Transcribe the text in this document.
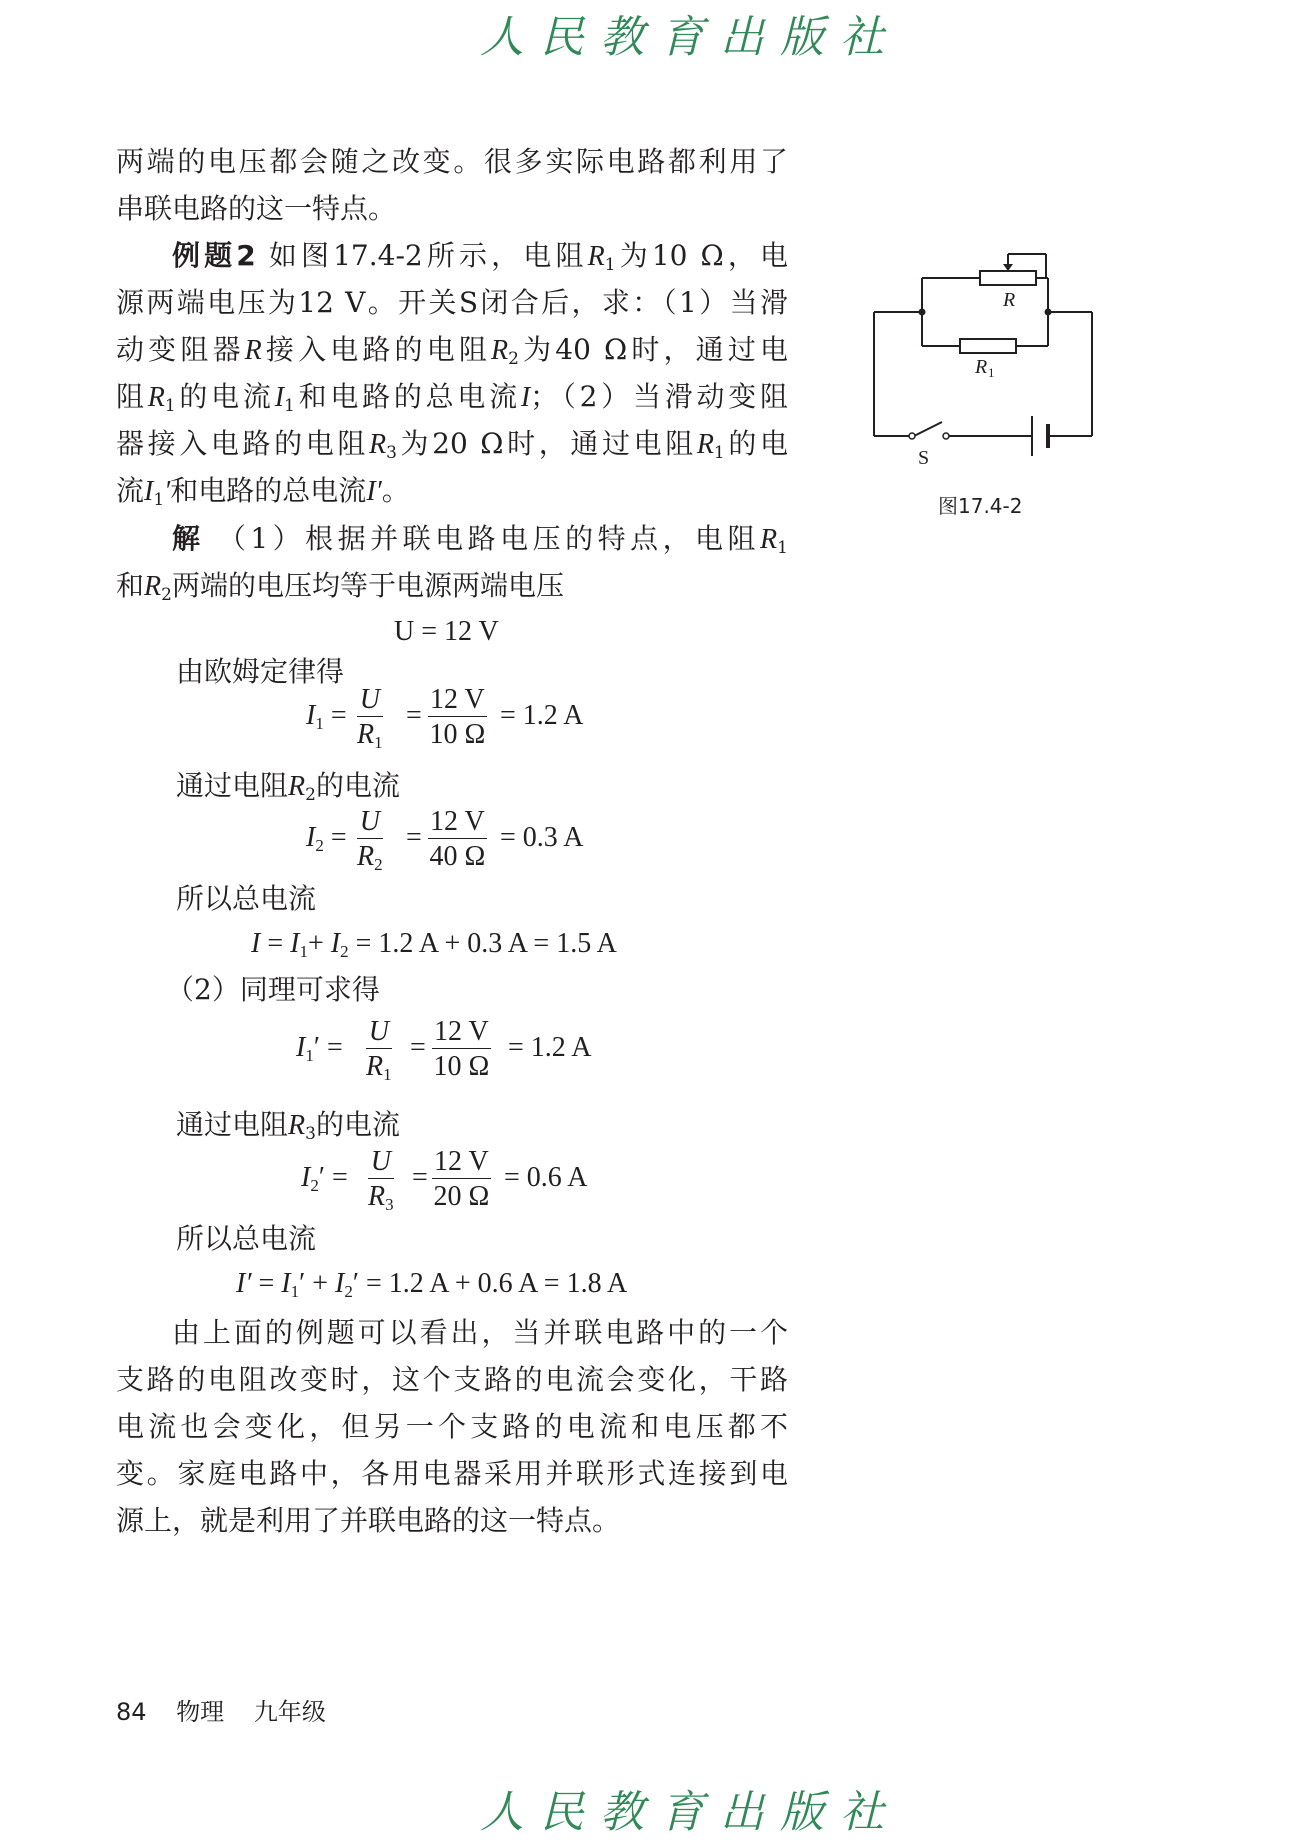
人民教育出版社
两端的电压都会随之改变。很多实际电路都利用了
串联电路的这一特点。
例题2 如图17.4-2所示，电阻$R_1$为10 Ω，电
源两端电压为12 V。开关S闭合后，求：（1）当滑
动变阻器R接入电路的电阻$R_2$为40 Ω时，通过电
阻$R_1$的电流$I_1$和电路的总电流I；（2）当滑动变阻
器接入电路的电阻$R_3$为20 Ω时，通过电阻$R_1$的电
流$I_1'$和电路的总电流I′。
解 （1）根据并联电路电压的特点，电阻$R_1$
和$R_2$两端的电压均等于电源两端电压
U = 12 V
由欧姆定律得
$I_1 = \frac{U}{R_1} = \frac{12 V}{10 \Omega} = 1.2$ A
通过电阻$R_2$的电流
$I_2 = \frac{U}{R_2} = \frac{12 V}{40 \Omega} = 0.3$ A
所以总电流
$I = I_1+ I_2 = 1.2$ A + 0.3 A = 1.5 A
（2）同理可求得
$I_1' = \frac{U}{R_1} = \frac{12 V}{10 \Omega} = 1.2$ A
通过电阻$R_3$的电流
$I_2' = \frac{U}{R_3} = \frac{12 V}{20 \Omega} = 0.6$ A
所以总电流
$I' = I_1' + I_2' = 1.2$ A + 0.6 A = 1.8 A
由上面的例题可以看出，当并联电路中的一个
支路的电阻改变时，这个支路的电流会变化，干路
电流也会变化，但另一个支路的电流和电压都不
变。家庭电路中，各用电器采用并联形式连接到电
源上，就是利用了并联电路的这一特点。
R
R 1
S
图17.4-2
84 物理 九年级
人民教育出版社
